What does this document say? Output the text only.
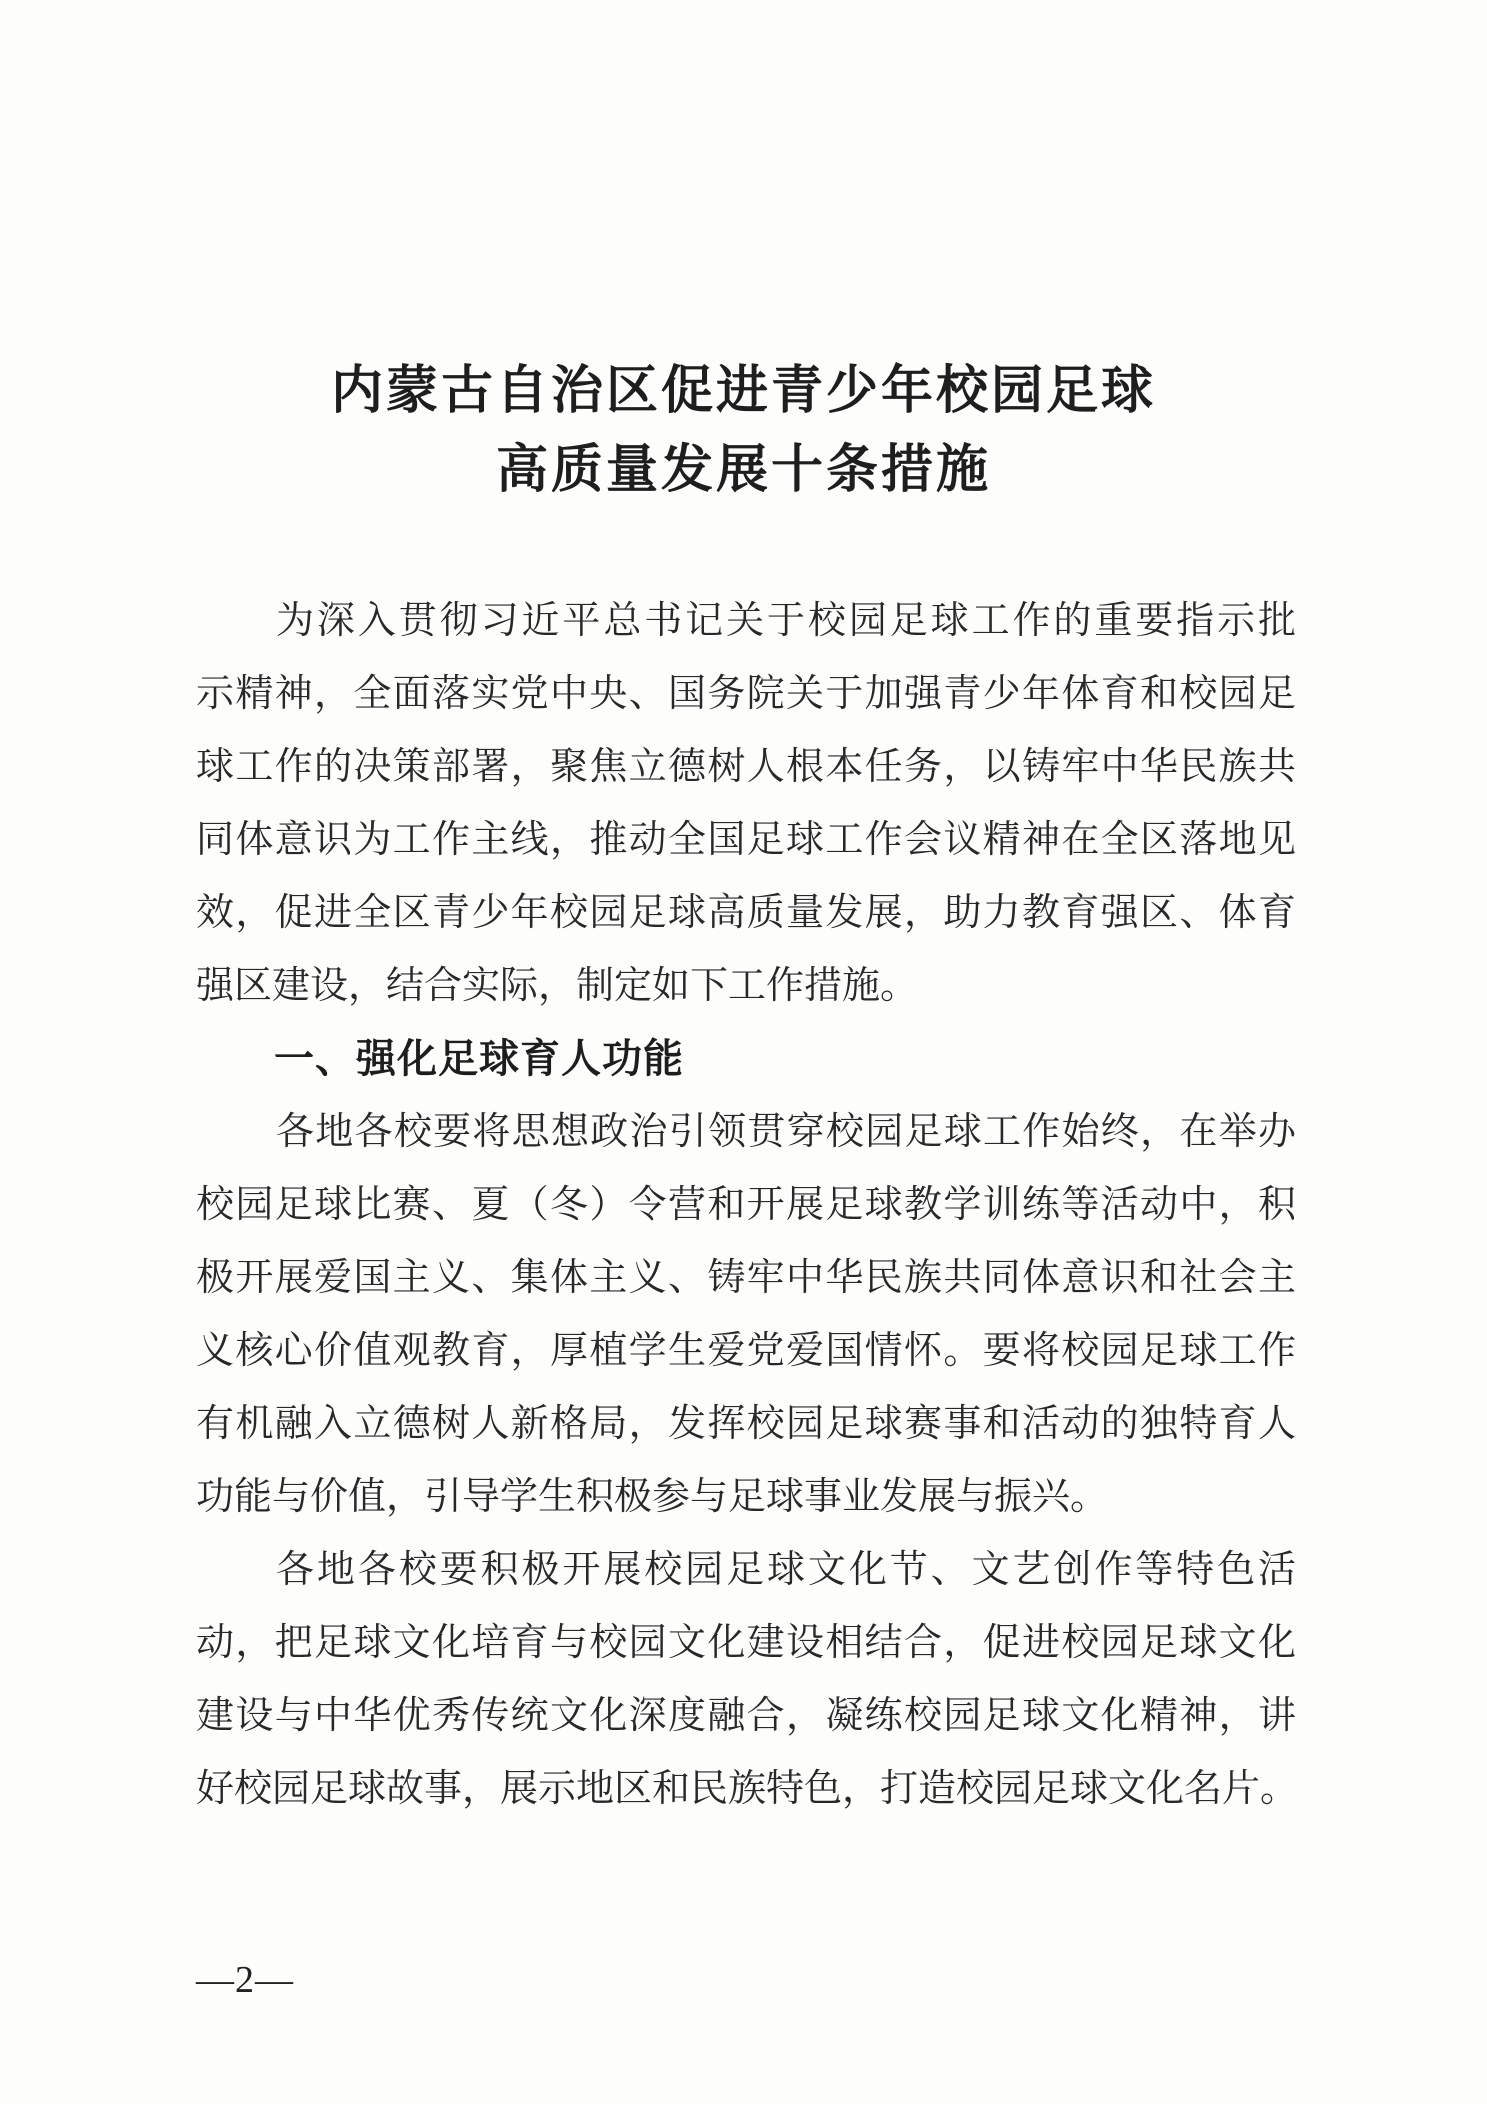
内蒙古自治区促进青少年校园足球
高质量发展十条措施
为深入贯彻习近平总书记关于校园足球工作的重要指示批
示精神，全面落实党中央、国务院关于加强青少年体育和校园足
球工作的决策部署，聚焦立德树人根本任务，以铸牢中华民族共
同体意识为工作主线，推动全国足球工作会议精神在全区落地见
效，促进全区青少年校园足球高质量发展，助力教育强区、体育
强区建设，结合实际，制定如下工作措施。
一、强化足球育人功能
各地各校要将思想政治引领贯穿校园足球工作始终，在举办
校园足球比赛、夏（冬）令营和开展足球教学训练等活动中，积
极开展爱国主义、集体主义、铸牢中华民族共同体意识和社会主
义核心价值观教育，厚植学生爱党爱国情怀。要将校园足球工作
有机融入立德树人新格局，发挥校园足球赛事和活动的独特育人
功能与价值，引导学生积极参与足球事业发展与振兴。
各地各校要积极开展校园足球文化节、文艺创作等特色活
动，把足球文化培育与校园文化建设相结合，促进校园足球文化
建设与中华优秀传统文化深度融合，凝练校园足球文化精神，讲
好校园足球故事，展示地区和民族特色，打造校园足球文化名片。
—2—
